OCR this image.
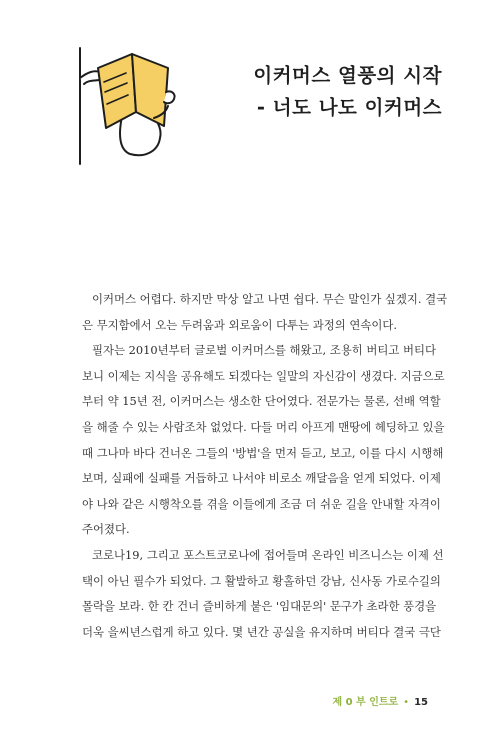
이커머스 열풍의 시작
- 너도 나도 이커머스
이커머스 어렵다. 하지만 막상 알고 나면 쉽다. 무슨 말인가 싶겠지. 결국
은 무지함에서 오는 두려움과 외로움이 다투는 과정의 연속이다.
필자는 2010년부터 글로벌 이커머스를 해왔고, 조용히 버티고 버티다
보니 이제는 지식을 공유해도 되겠다는 일말의 자신감이 생겼다. 지금으로
부터 약 15년 전, 이커머스는 생소한 단어였다. 전문가는 물론, 선배 역할
을 해줄 수 있는 사람조차 없었다. 다들 머리 아프게 맨땅에 헤딩하고 있을
때 그나마 바다 건너온 그들의 '방법'을 먼저 듣고, 보고, 이를 다시 시행해
보며, 실패에 실패를 거듭하고 나서야 비로소 깨달음을 얻게 되었다. 이제
야 나와 같은 시행착오를 겪을 이들에게 조금 더 쉬운 길을 안내할 자격이
주어졌다.
코로나19, 그리고 포스트코로나에 접어들며 온라인 비즈니스는 이제 선
택이 아닌 필수가 되었다. 그 활발하고 황홀하던 강남, 신사동 가로수길의
몰락을 보라. 한 칸 건너 즐비하게 붙은 '임대문의' 문구가 초라한 풍경을
더욱 을씨년스럽게 하고 있다. 몇 년간 공실을 유지하며 버티다 결국 극단
제 0 부 인트로 • 15
